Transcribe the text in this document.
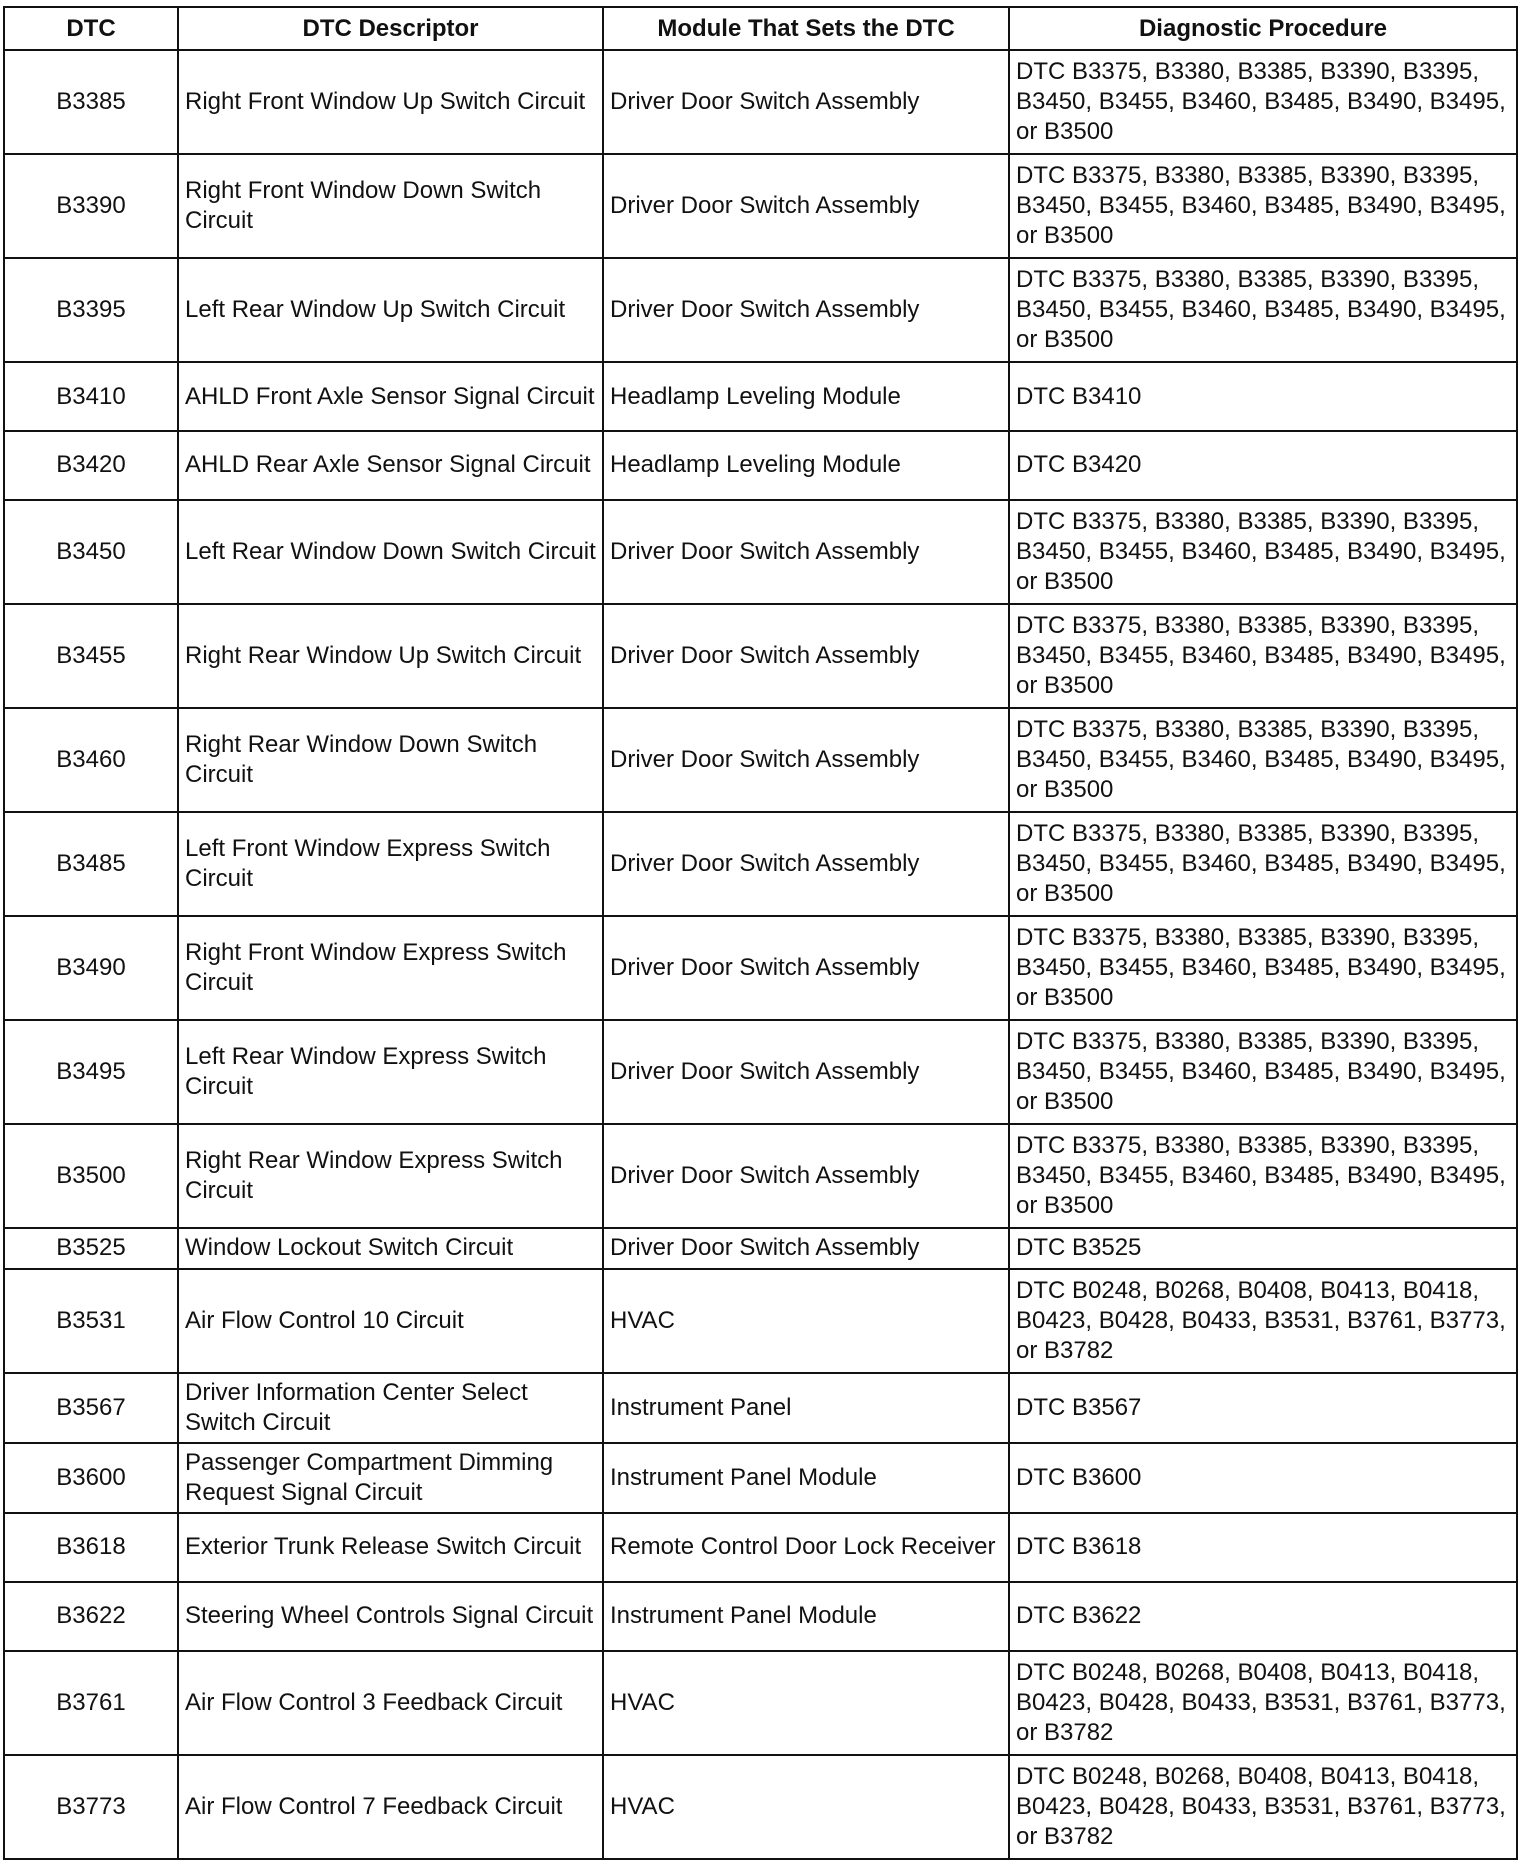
DTC	DTC Descriptor	Module That Sets the DTC	Diagnostic Procedure
B3385	Right Front Window Up Switch Circuit	Driver Door Switch Assembly	DTC B3375, B3380, B3385, B3390, B3395, B3450, B3455, B3460, B3485, B3490, B3495, or B3500
B3390	Right Front Window Down Switch Circuit	Driver Door Switch Assembly	DTC B3375, B3380, B3385, B3390, B3395, B3450, B3455, B3460, B3485, B3490, B3495, or B3500
B3395	Left Rear Window Up Switch Circuit	Driver Door Switch Assembly	DTC B3375, B3380, B3385, B3390, B3395, B3450, B3455, B3460, B3485, B3490, B3495, or B3500
B3410	AHLD Front Axle Sensor Signal Circuit	Headlamp Leveling Module	DTC B3410
B3420	AHLD Rear Axle Sensor Signal Circuit	Headlamp Leveling Module	DTC B3420
B3450	Left Rear Window Down Switch Circuit	Driver Door Switch Assembly	DTC B3375, B3380, B3385, B3390, B3395, B3450, B3455, B3460, B3485, B3490, B3495, or B3500
B3455	Right Rear Window Up Switch Circuit	Driver Door Switch Assembly	DTC B3375, B3380, B3385, B3390, B3395, B3450, B3455, B3460, B3485, B3490, B3495, or B3500
B3460	Right Rear Window Down Switch Circuit	Driver Door Switch Assembly	DTC B3375, B3380, B3385, B3390, B3395, B3450, B3455, B3460, B3485, B3490, B3495, or B3500
B3485	Left Front Window Express Switch Circuit	Driver Door Switch Assembly	DTC B3375, B3380, B3385, B3390, B3395, B3450, B3455, B3460, B3485, B3490, B3495, or B3500
B3490	Right Front Window Express Switch Circuit	Driver Door Switch Assembly	DTC B3375, B3380, B3385, B3390, B3395, B3450, B3455, B3460, B3485, B3490, B3495, or B3500
B3495	Left Rear Window Express Switch Circuit	Driver Door Switch Assembly	DTC B3375, B3380, B3385, B3390, B3395, B3450, B3455, B3460, B3485, B3490, B3495, or B3500
B3500	Right Rear Window Express Switch Circuit	Driver Door Switch Assembly	DTC B3375, B3380, B3385, B3390, B3395, B3450, B3455, B3460, B3485, B3490, B3495, or B3500
B3525	Window Lockout Switch Circuit	Driver Door Switch Assembly	DTC B3525
B3531	Air Flow Control 10 Circuit	HVAC	DTC B0248, B0268, B0408, B0413, B0418, B0423, B0428, B0433, B3531, B3761, B3773, or B3782
B3567	Driver Information Center Select Switch Circuit	Instrument Panel	DTC B3567
B3600	Passenger Compartment Dimming Request Signal Circuit	Instrument Panel Module	DTC B3600
B3618	Exterior Trunk Release Switch Circuit	Remote Control Door Lock Receiver	DTC B3618
B3622	Steering Wheel Controls Signal Circuit	Instrument Panel Module	DTC B3622
B3761	Air Flow Control 3 Feedback Circuit	HVAC	DTC B0248, B0268, B0408, B0413, B0418, B0423, B0428, B0433, B3531, B3761, B3773, or B3782
B3773	Air Flow Control 7 Feedback Circuit	HVAC	DTC B0248, B0268, B0408, B0413, B0418, B0423, B0428, B0433, B3531, B3761, B3773, or B3782
